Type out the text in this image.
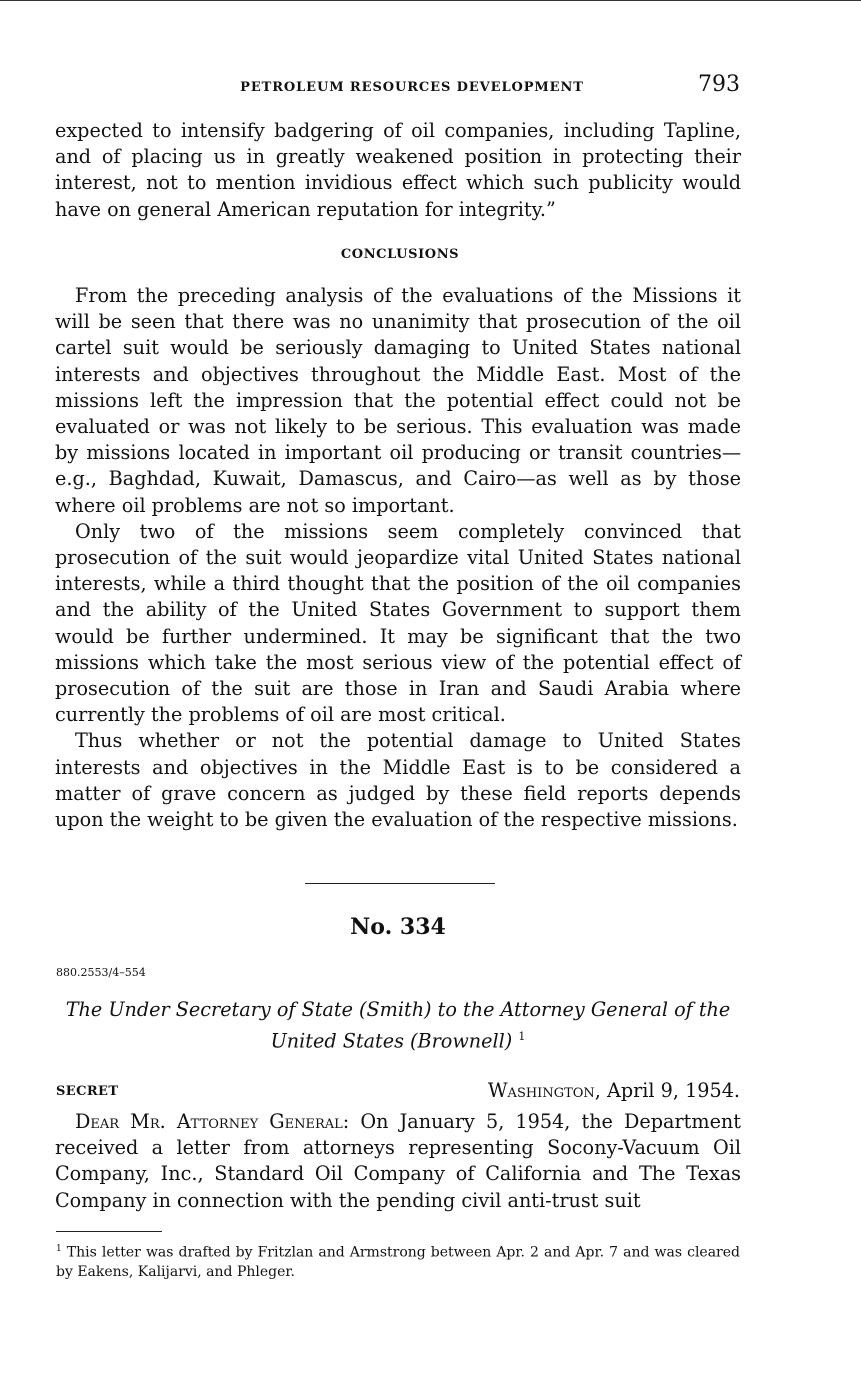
PETROLEUM RESOURCES DEVELOPMENT	793

expected to intensify badgering of oil companies, including Tapline, and of placing us in greatly weakened position in protecting their interest, not to mention invidious effect which such publicity would have on general American reputation for integrity.”

CONCLUSIONS

From the preceding analysis of the evaluations of the Missions it will be seen that there was no unanimity that prosecution of the oil cartel suit would be seriously damaging to United States national interests and objectives throughout the Middle East. Most of the missions left the impression that the potential effect could not be evaluated or was not likely to be serious. This evaluation was made by missions located in important oil producing or transit countries—e.g., Baghdad, Kuwait, Damascus, and Cairo—as well as by those where oil problems are not so important.

Only two of the missions seem completely convinced that prosecution of the suit would jeopardize vital United States national interests, while a third thought that the position of the oil companies and the ability of the United States Government to support them would be further undermined. It may be significant that the two missions which take the most serious view of the potential effect of prosecution of the suit are those in Iran and Saudi Arabia where currently the problems of oil are most critical.

Thus whether or not the potential damage to United States interests and objectives in the Middle East is to be considered a matter of grave concern as judged by these field reports depends upon the weight to be given the evaluation of the respective missions.

No. 334
880.2553/4–554
The Under Secretary of State (Smith) to the Attorney General of the United States (Brownell) $^1$
SECRET	Washington, April 9, 1954.

Dear Mr. Attorney General: On January 5, 1954, the Department received a letter from attorneys representing Socony-Vacuum Oil Company, Inc., Standard Oil Company of California and The Texas Company in connection with the pending civil anti-trust suit

$^1$ This letter was drafted by Fritzlan and Armstrong between Apr. 2 and Apr. 7 and was cleared by Eakens, Kalijarvi, and Phleger.
